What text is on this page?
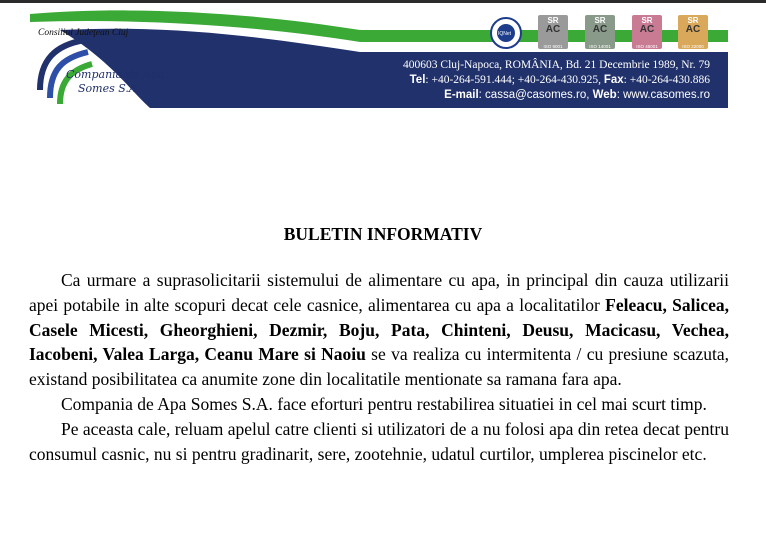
Consiliul Judeţean Cluj
Compania de Apa
Somes S.A
IQNet
SR
AC
ISO 9001
SR
AC
ISO 14001
SR
AC
ISO 45001
SR
AC
ISO 22000
400603 Cluj-Napoca, ROMÂNIA, Bd. 21 Decembrie 1989, Nr. 79
Tel: +40-264-591.444; +40-264-430.925, Fax: +40-264-430.886
E-mail: cassa@casomes.ro, Web: www.casomes.ro
BULETIN INFORMATIV

Ca urmare a suprasolicitarii sistemului de alimentare cu apa, in principal din cauza utilizarii apei potabile in alte scopuri decat cele casnice, alimentarea cu apa a localitatilor Feleacu, Salicea, Casele Micesti, Gheorghieni, Dezmir, Boju, Pata, Chinteni, Deusu, Macicasu, Vechea, Iacobeni, Valea Larga, Ceanu Mare si Naoiu se va realiza cu intermitenta / cu presiune scazuta, existand posibilitatea ca anumite zone din localitatile mentionate sa ramana fara apa.

Compania de Apa Somes S.A. face eforturi pentru restabilirea situatiei in cel mai scurt timp.

Pe aceasta cale, reluam apelul catre clienti si utilizatori de a nu folosi apa din retea decat pentru consumul casnic, nu si pentru gradinarit, sere, zootehnie, udatul curtilor, umplerea piscinelor etc.
